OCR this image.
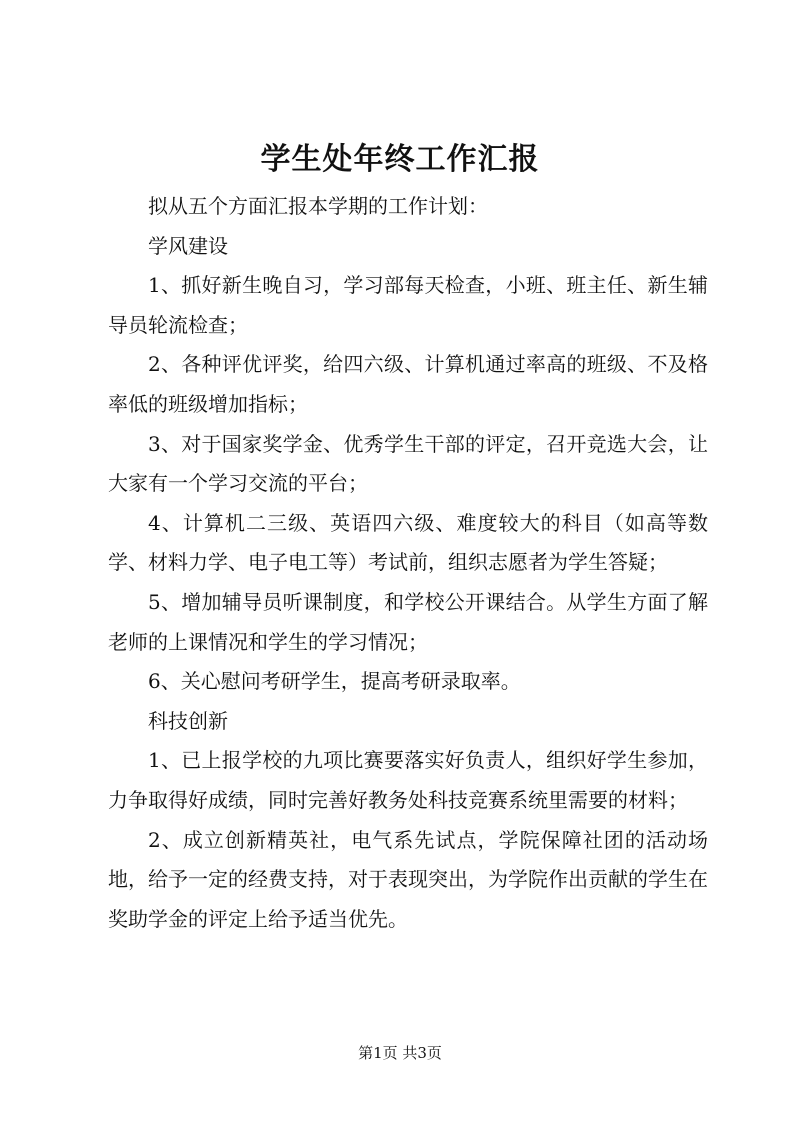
学生处年终工作汇报

拟从五个方面汇报本学期的工作计划：

学风建设

1、抓好新生晚自习，学习部每天检查，小班、班主任、新生辅导员轮流检查；

2、各种评优评奖，给四六级、计算机通过率高的班级、不及格率低的班级增加指标；

3、对于国家奖学金、优秀学生干部的评定，召开竞选大会，让大家有一个学习交流的平台；

4、计算机二三级、英语四六级、难度较大的科目（如高等数学、材料力学、电子电工等）考试前，组织志愿者为学生答疑；

5、增加辅导员听课制度，和学校公开课结合。从学生方面了解老师的上课情况和学生的学习情况；

6、关心慰问考研学生，提高考研录取率。

科技创新

1、已上报学校的九项比赛要落实好负责人，组织好学生参加，力争取得好成绩，同时完善好教务处科技竞赛系统里需要的材料；

2、成立创新精英社，电气系先试点，学院保障社团的活动场地，给予一定的经费支持，对于表现突出，为学院作出贡献的学生在奖助学金的评定上给予适当优先。

第1页 共3页
